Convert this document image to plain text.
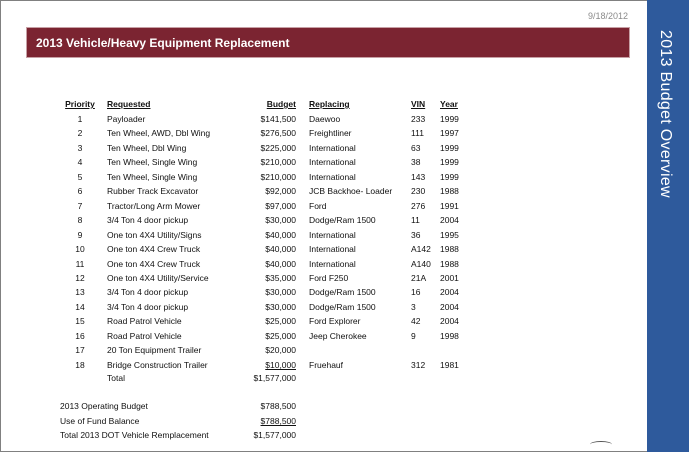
9/18/2012
2013 Vehicle/Heavy Equipment Replacement	2013 Budget Overview
Priority	Requested	Budget Replacing	VIN	Year
1	Payloader	$141,500 Daewoo	233	1999
2	Ten Wheel, AWD, Dbl Wing	$276,500 Freightliner	111	1997
3	Ten Wheel, Dbl Wing	$225,000 International	63	1999
4	Ten Wheel, Single Wing	$210,000 International	38	1999
5	Ten Wheel, Single Wing	$210,000 International	143	1999
6	Rubber Track Excavator	$92,000 JCB Backhoe- Loader	230	1988
7	Tractor/Long Arm Mower	$97,000 Ford	276	1991
8	3/4 Ton 4 door pickup	$30,000 Dodge/Ram 1500	11	2004
9	One ton 4X4 Utility/Signs	$40,000 International	36	1995
10	One ton 4X4 Crew Truck	$40,000 International	A142	1988
11	One ton 4X4 Crew Truck	$40,000 International	A140	1988
12	One ton 4X4 Utility/Service	$35,000 Ford F250	21A	2001
13	3/4 Ton 4 door pickup	$30,000 Dodge/Ram 1500	16	2004
14	3/4 Ton 4 door pickup	$30,000 Dodge/Ram 1500	3	2004
15	Road Patrol Vehicle	$25,000 Ford Explorer	42	2004
16	Road Patrol Vehicle	$25,000 Jeep Cherokee	9	1998
17	20 Ton Equipment Trailer	$20,000
18	Bridge Construction Trailer	$10,000 Fruehauf	312	1981
Total	$1,577,000
2013 Operating Budget	$788,500
Use of Fund Balance	$788,500
Total 2013 DOT Vehicle Remplacement	$1,577,000
